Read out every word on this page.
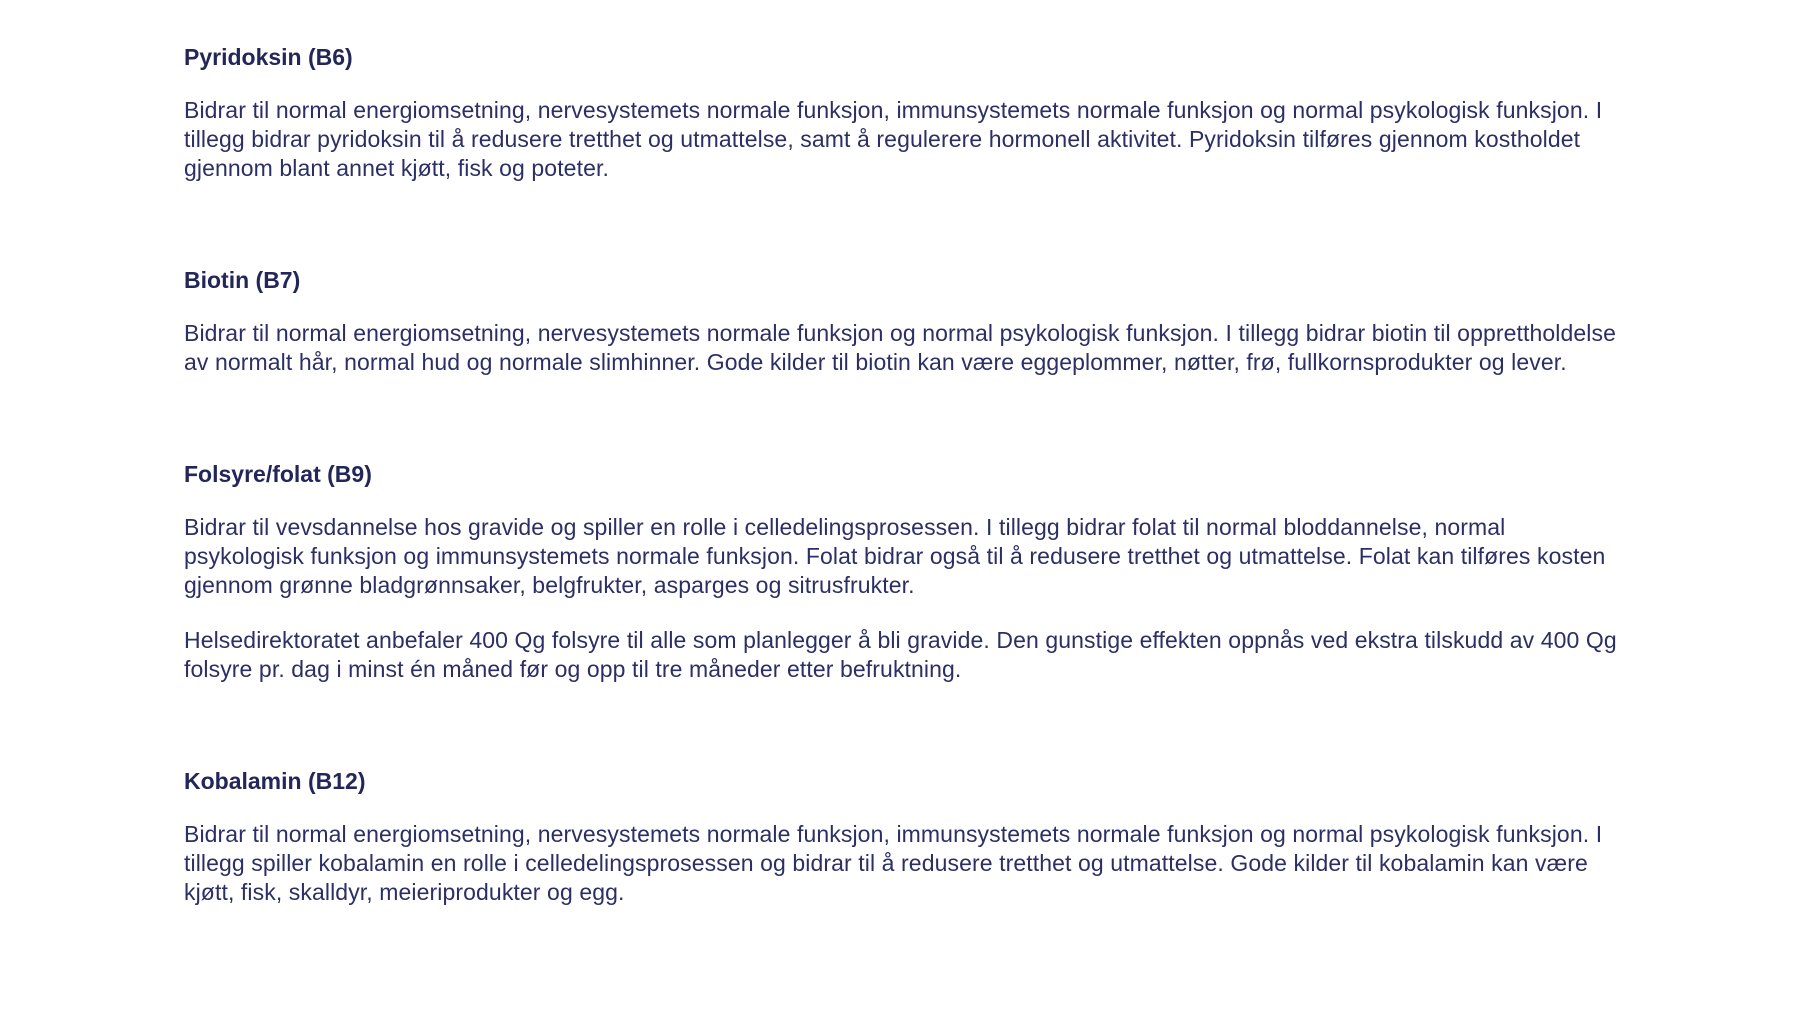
Pyridoksin (B6)

Bidrar til normal energiomsetning, nervesystemets normale funksjon, immunsystemets normale funksjon og normal psykologisk funksjon. I tillegg bidrar pyridoksin til å redusere tretthet og utmattelse, samt å regulerere hormonell aktivitet. Pyridoksin tilføres gjennom kostholdet gjennom blant annet kjøtt, fisk og poteter.

Biotin (B7)

Bidrar til normal energiomsetning, nervesystemets normale funksjon og normal psykologisk funksjon. I tillegg bidrar biotin til opprettholdelse av normalt hår, normal hud og normale slimhinner. Gode kilder til biotin kan være eggeplommer, nøtter, frø, fullkornsprodukter og lever.

Folsyre/folat (B9)

Bidrar til vevsdannelse hos gravide og spiller en rolle i celledelingsprosessen. I tillegg bidrar folat til normal bloddannelse, normal psykologisk funksjon og immunsystemets normale funksjon. Folat bidrar også til å redusere tretthet og utmattelse. Folat kan tilføres kosten gjennom grønne bladgrønnsaker, belgfrukter, asparges og sitrusfrukter.

Helsedirektoratet anbefaler 400 Qg folsyre til alle som planlegger å bli gravide. Den gunstige effekten oppnås ved ekstra tilskudd av 400 Qg folsyre pr. dag i minst én måned før og opp til tre måneder etter befruktning.

Kobalamin (B12)

Bidrar til normal energiomsetning, nervesystemets normale funksjon, immunsystemets normale funksjon og normal psykologisk funksjon. I tillegg spiller kobalamin en rolle i celledelingsprosessen og bidrar til å redusere tretthet og utmattelse. Gode kilder til kobalamin kan være kjøtt, fisk, skalldyr, meieriprodukter og egg.
